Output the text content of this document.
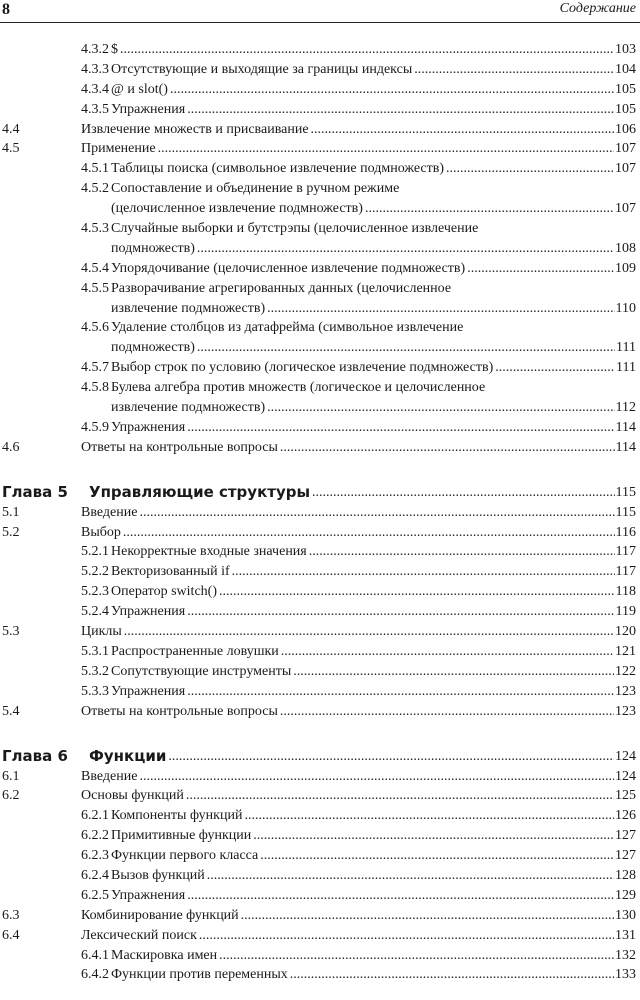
8	Содержание
4.3.2 $ .....	103
4.3.3 Отсутствующие и выходящие за границы индексы .....	104
4.3.4 @ и slot() .....	105
4.3.5 Упражнения .....	105
4.4	Извлечение множеств и присваивание .....	106
4.5	Применение .....	107
4.5.1 Таблицы поиска (символьное извлечение подмножеств) .....	107
4.5.2 Сопоставление и объединение в ручном режиме
(целочисленное извлечение подмножеств) .....	107
4.5.3 Случайные выборки и бутстрэпы (целочисленное извлечение
подмножеств) .....	108
4.5.4 Упорядочивание (целочисленное извлечение подмножеств) .....	109
4.5.5 Разворачивание агрегированных данных (целочисленное
извлечение подмножеств) .....	110
4.5.6 Удаление столбцов из датафрейма (символьное извлечение
подмножеств) .....	111
4.5.7 Выбор строк по условию (логическое извлечение подмножеств) .....	111
4.5.8 Булева алгебра против множеств (логическое и целочисленное
извлечение подмножеств) .....	112
4.5.9 Упражнения .....	114
4.6	Ответы на контрольные вопросы .....	114
Глава 5 Управляющие структуры .....	115
5.1	Введение .....	115
5.2	Выбор .....	116
5.2.1 Некорректные входные значения .....	117
5.2.2 Векторизованный if .....	117
5.2.3 Оператор switch() .....	118
5.2.4 Упражнения .....	119
5.3	Циклы .....	120
5.3.1 Распространенные ловушки .....	121
5.3.2 Сопутствующие инструменты .....	122
5.3.3 Упражнения .....	123
5.4	Ответы на контрольные вопросы .....	123
Глава 6 Функции .....	124
6.1	Введение .....	124
6.2	Основы функций .....	125
6.2.1 Компоненты функций .....	126
6.2.2 Примитивные функции .....	127
6.2.3 Функции первого класса .....	127
6.2.4 Вызов функций .....	128
6.2.5 Упражнения .....	129
6.3	Комбинирование функций .....	130
6.4	Лексический поиск .....	131
6.4.1 Маскировка имен .....	132
6.4.2 Функции против переменных .....	133
